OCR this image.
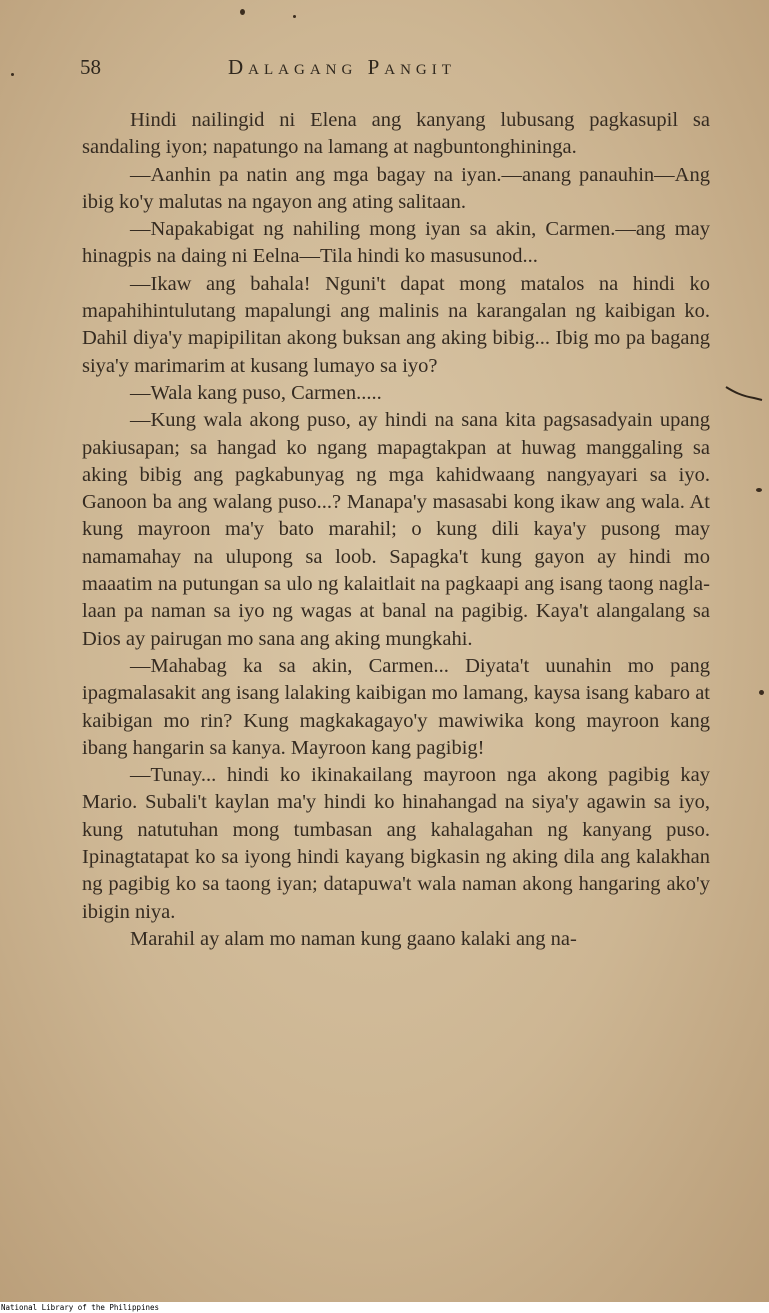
58	Dalagang Pangit

Hindi nailingid ni Elena ang kanyang lubusang pagkasupil sa sandaling iyon; napatungo na lamang at nagbuntonghininga.

—Aanhin pa natin ang mga bagay na iyan.—anang panauhin—Ang ibig ko'y malutas na ngayon ang ating salitaan.

—Napakabigat ng nahiling mong iyan sa akin, Carmen.—ang may hinagpis na daing ni Eelna—Tila hindi ko masusunod...

—Ikaw ang bahala! Nguni't dapat mong matalos na hindi ko mapahihintulutang mapalungi ang malinis na karangalan ng kaibigan ko. Dahil diya'y mapipilitan akong buksan ang aking bibig... Ibig mo pa bagang siya'y marimarim at kusang lumayo sa iyo?

—Wala kang puso, Carmen.....

—Kung wala akong puso, ay hindi na sana kita pagsasadyain upang pakiusapan; sa hangad ko ngang mapagtakpan at huwag manggaling sa aking bibig ang pagkabunyag ng mga kahidwaang nangyayari sa iyo. Ganoon ba ang walang puso...? Manapa'y masasabi kong ikaw ang wala. At kung mayroon ma'y bato marahil; o kung dili kaya'y pusong may namamahay na ulupong sa loob. Sapagka't kung gayon ay hindi mo maaatim na putungan sa ulo ng kalaitlait na pagkaapi ang isang taong naglalaan pa naman sa iyo ng wagas at banal na pagibig. Kaya't alangalang sa Dios ay pairugan mo sana ang aking mungkahi.

—Mahabag ka sa akin, Carmen... Diyata't uunahin mo pang ipagmalasakit ang isang lalaking kaibigan mo lamang, kaysa isang kabaro at kaibigan mo rin? Kung magkakagayo'y mawiwika kong mayroon kang ibang hangarin sa kanya. Mayroon kang pagibig!

—Tunay... hindi ko ikinakailang mayroon nga akong pagibig kay Mario. Subali't kaylan ma'y hindi ko hinahangad na siya'y agawin sa iyo, kung natutuhan mong tumbasan ang kahalagahan ng kanyang puso. Ipinagtatapat ko sa iyong hindi kayang bigkasin ng aking dila ang kalakhan ng pagibig ko sa taong iyan; datapuwa't wala naman akong hangaring ako'y ibigin niya.

Marahil ay alam mo naman kung gaano kalaki ang na-

National Library of the Philippines
